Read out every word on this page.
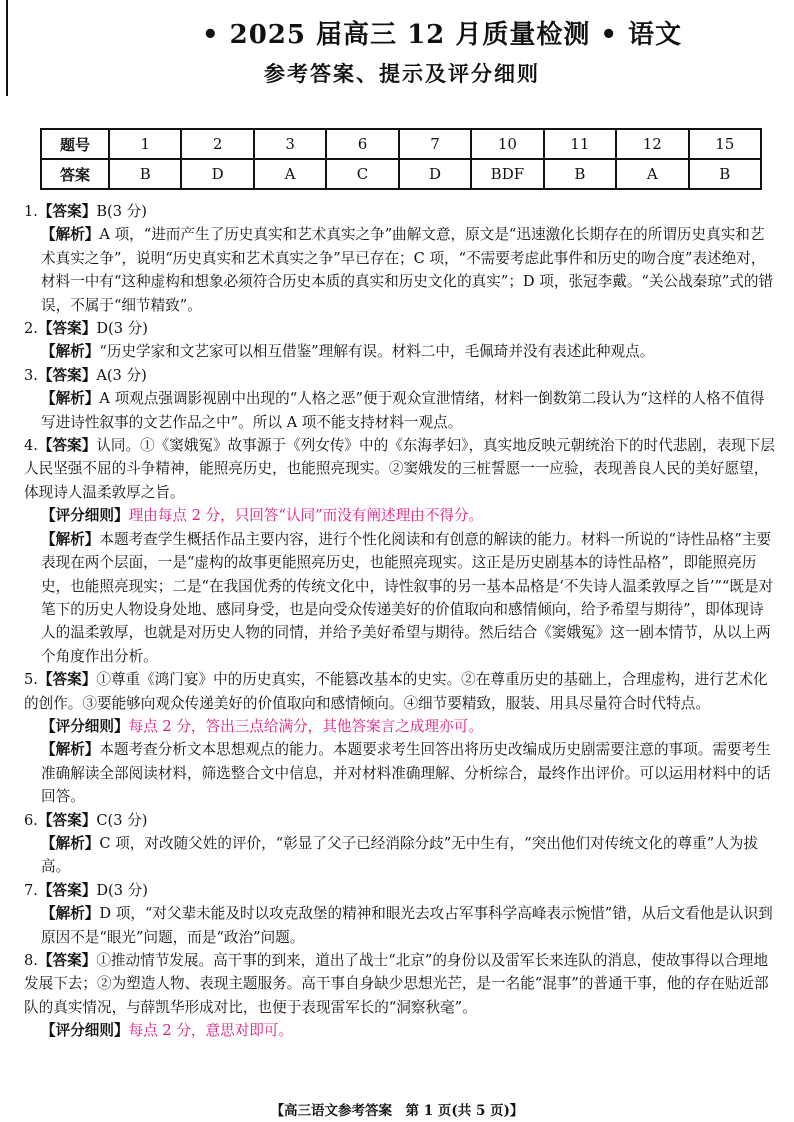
• 2025 届高三 12 月质量检测 • 语文
参考答案、提示及评分细则
题号	1	2	3	6	7	10	11	12	15
答案	B	D	A	C	D	BDF	B	A	B

1.【答案】B(3 分)

【解析】A 项，“进而产生了历史真实和艺术真实之争”曲解文意，原文是“迅速激化长期存在的所谓历史真实和艺术真实之争”，说明“历史真实和艺术真实之争”早已存在；C 项，“不需要考虑此事件和历史的吻合度”表述绝对，材料一中有“这种虚构和想象必须符合历史本质的真实和历史文化的真实”；D 项，张冠李戴。“关公战秦琼”式的错误，不属于“细节精致”。

2.【答案】D(3 分)

【解析】“历史学家和文艺家可以相互借鉴”理解有误。材料二中，毛佩琦并没有表述此种观点。

3.【答案】A(3 分)

【解析】A 项观点强调影视剧中出现的“人格之恶”便于观众宣泄情绪，材料一倒数第二段认为“这样的人格不值得写进诗性叙事的文艺作品之中”。所以 A 项不能支持材料一观点。

4.【答案】认同。①《窦娥冤》故事源于《列女传》中的《东海孝妇》，真实地反映元朝统治下的时代悲剧，表现下层人民坚强不屈的斗争精神，能照亮历史，也能照亮现实。②窦娥发的三桩誓愿一一应验，表现善良人民的美好愿望，体现诗人温柔敦厚之旨。

【评分细则】理由每点 2 分，只回答“认同”而没有阐述理由不得分。

【解析】本题考查学生概括作品主要内容，进行个性化阅读和有创意的解读的能力。材料一所说的“诗性品格”主要表现在两个层面，一是“虚构的故事更能照亮历史，也能照亮现实。这正是历史剧基本的诗性品格”，即能照亮历史，也能照亮现实；二是“在我国优秀的传统文化中，诗性叙事的另一基本品格是‘不失诗人温柔敦厚之旨’”“既是对笔下的历史人物设身处地、感同身受，也是向受众传递美好的价值取向和感情倾向，给予希望与期待”，即体现诗人的温柔敦厚，也就是对历史人物的同情，并给予美好希望与期待。然后结合《窦娥冤》这一剧本情节，从以上两个角度作出分析。

5.【答案】①尊重《鸿门宴》中的历史真实，不能篡改基本的史实。②在尊重历史的基础上，合理虚构，进行艺术化的创作。③要能够向观众传递美好的价值取向和感情倾向。④细节要精致，服装、用具尽量符合时代特点。

【评分细则】每点 2 分，答出三点给满分，其他答案言之成理亦可。

【解析】本题考查分析文本思想观点的能力。本题要求考生回答出将历史改编成历史剧需要注意的事项。需要考生准确解读全部阅读材料，筛选整合文中信息，并对材料准确理解、分析综合，最终作出评价。可以运用材料中的话回答。

6.【答案】C(3 分)

【解析】C 项，对改随父姓的评价，“彰显了父子已经消除分歧”无中生有，“突出他们对传统文化的尊重”人为拔高。

7.【答案】D(3 分)

【解析】D 项，“对父辈未能及时以攻克敌堡的精神和眼光去攻占军事科学高峰表示惋惜”错，从后文看他是认识到原因不是“眼光”问题，而是“政治”问题。

8.【答案】①推动情节发展。高干事的到来，道出了战士“北京”的身份以及雷军长来连队的消息，使故事得以合理地发展下去；②为塑造人物、表现主题服务。高干事自身缺少思想光芒，是一名能“混事”的普通干事，他的存在贴近部队的真实情况，与薛凯华形成对比，也便于表现雷军长的“洞察秋毫”。

【评分细则】每点 2 分，意思对即可。

【高三语文参考答案　第 1 页(共 5 页)】
